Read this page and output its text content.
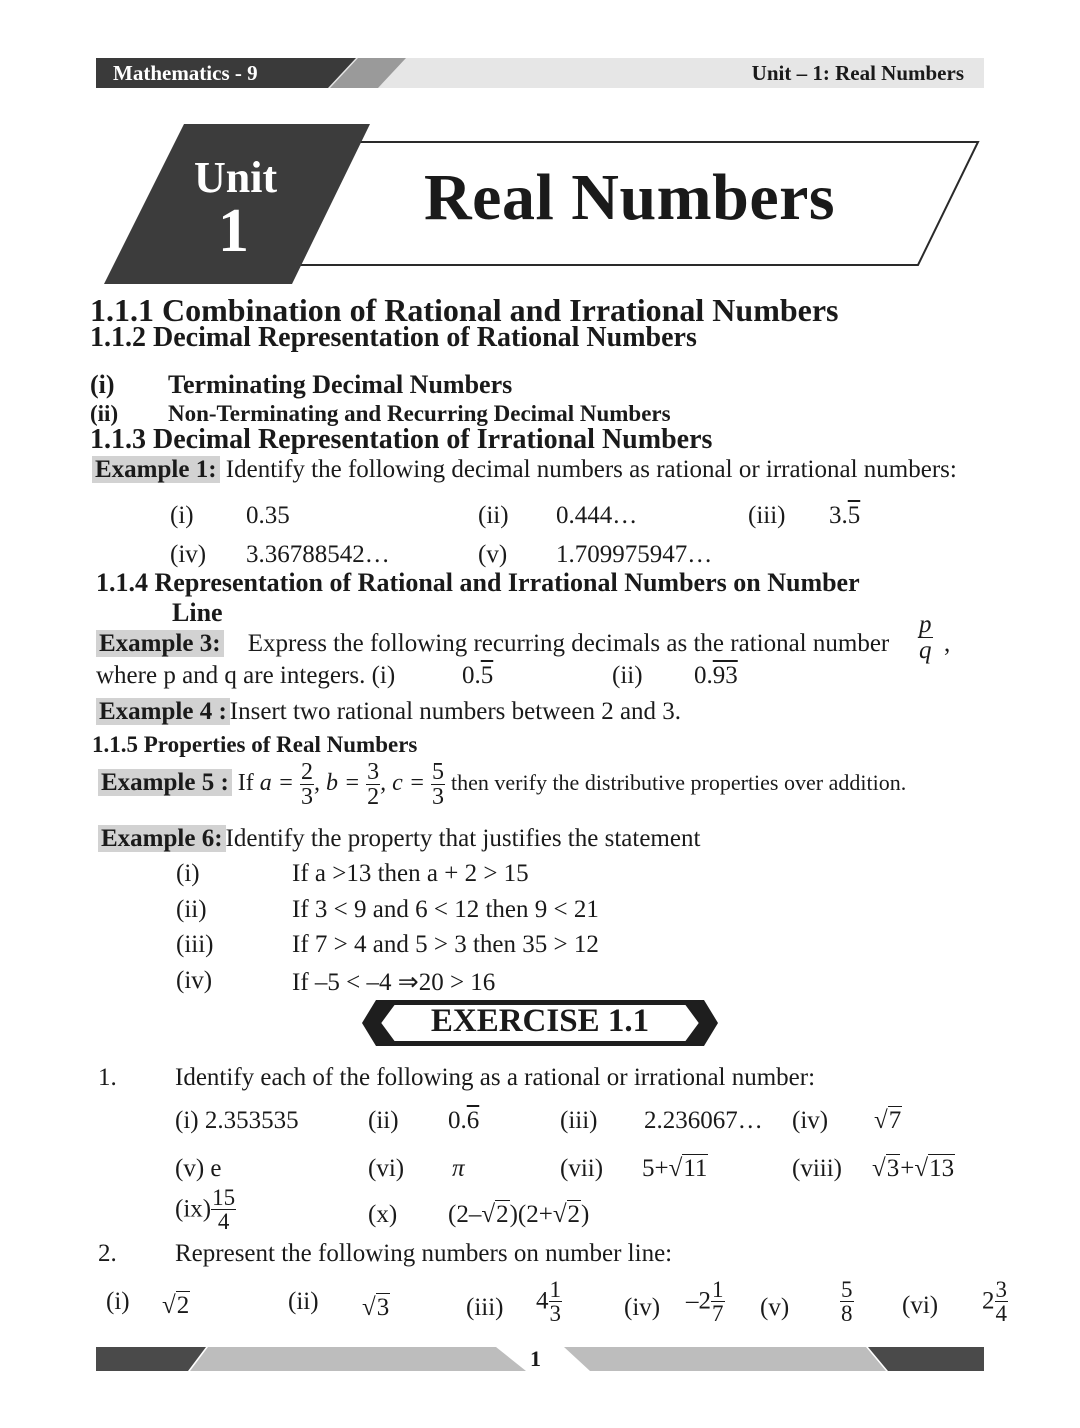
Unit – 1: Real Numbers
Mathematics - 9
Unit
1	Real Numbers
1.1.1 Combination of Rational and Irrational Numbers
1.1.2 Decimal Representation of Rational Numbers
(i) Terminating Decimal Numbers
(ii) Non-Terminating and Recurring Decimal Numbers
1.1.3 Decimal Representation of Irrational Numbers
Example 1: Identify the following decimal numbers as rational or irrational numbers:
(i) 0.35	(ii) 0.444…	(iii) 3.5
(iv) 3.36788542…	(v) 1.709975947…
1.1.4 Representation of Rational and Irrational Numbers on Number
Line
Example 3: Express the following recurring decimals as the rational number $\frac{p}{q}$ ,
where p and q are integers. (i)	0.5	(ii) 0.93
Example 4 : Insert two rational numbers between 2 and 3.
1.1.5 Properties of Real Numbers
Example 5 : If $a = \frac{2}{3}$ , $b = \frac{3}{2}$ , $c = \frac{5}{3}$ then verify the distributive properties over addition.
Example 6: Identify the property that justifies the statement
(i)	If a >13 then a + 2 > 15
(ii)	If 3 < 9 and 6 < 12 then 9 < 21
(iii)	If 7 > 4 and 5 > 3 then 35 > 12
(iv)	If –5 < –4 ⇒20 > 16
EXERCISE 1.1
1. Identify each of the following as a rational or irrational number:
(i) 2.353535	(ii) 0.6	(iii) 2.236067… (iv) √7
(v) e	(vi) π	(vii) 5+√11	(viii) √3+√13
$(ix) \frac{15}{4}$	(x) (2–√2)(2+√2)
2. Represent the following numbers on number line:
(i) √2	(ii) √3	(iii) $4 \frac{1}{3} (iv)$ $-2 \frac{1}{7} (v) \frac{5}{8} (vi)$ $2 \frac{3}{4}$
1
